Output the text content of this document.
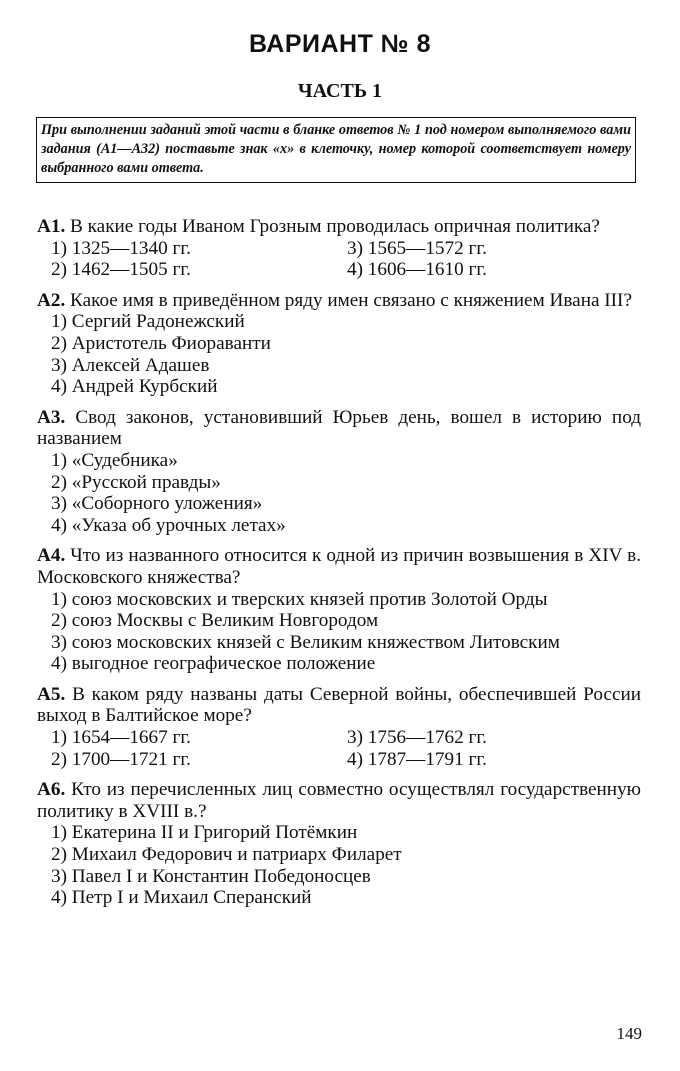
ВАРИАНТ № 8
ЧАСТЬ 1
При выполнении заданий этой части в бланке ответов № 1 под номером выполняемого вами задания (А1—А32) поставьте знак «x» в клеточку, номер которой соответствует номеру выбранного вами ответа.
А1. В какие годы Иваном Грозным проводилась опричная политика?
1) 1325—1340 гг.	3) 1565—1572 гг.
2) 1462—1505 гг.	4) 1606—1610 гг.
А2. Какое имя в приведённом ряду имен связано с княжением Ивана III?
1) Сергий Радонежский
2) Аристотель Фиораванти
3) Алексей Адашев
4) Андрей Курбский
А3. Свод законов, установивший Юрьев день, вошел в историю под названием
1) «Судебника»
2) «Русской правды»
3) «Соборного уложения»
4) «Указа об урочных летах»
А4. Что из названного относится к одной из причин возвышения в XIV в. Московского княжества?
1) союз московских и тверских князей против Золотой Орды
2) союз Москвы с Великим Новгородом
3) союз московских князей с Великим княжеством Литовским
4) выгодное географическое положение
А5. В каком ряду названы даты Северной войны, обеспечившей России выход в Балтийское море?
1) 1654—1667 гг.	3) 1756—1762 гг.
2) 1700—1721 гг.	4) 1787—1791 гг.
А6. Кто из перечисленных лиц совместно осуществлял государственную политику в XVIII в.?
1) Екатерина II и Григорий Потёмкин
2) Михаил Федорович и патриарх Филарет
3) Павел I и Константин Победоносцев
4) Петр I и Михаил Сперанский
149
